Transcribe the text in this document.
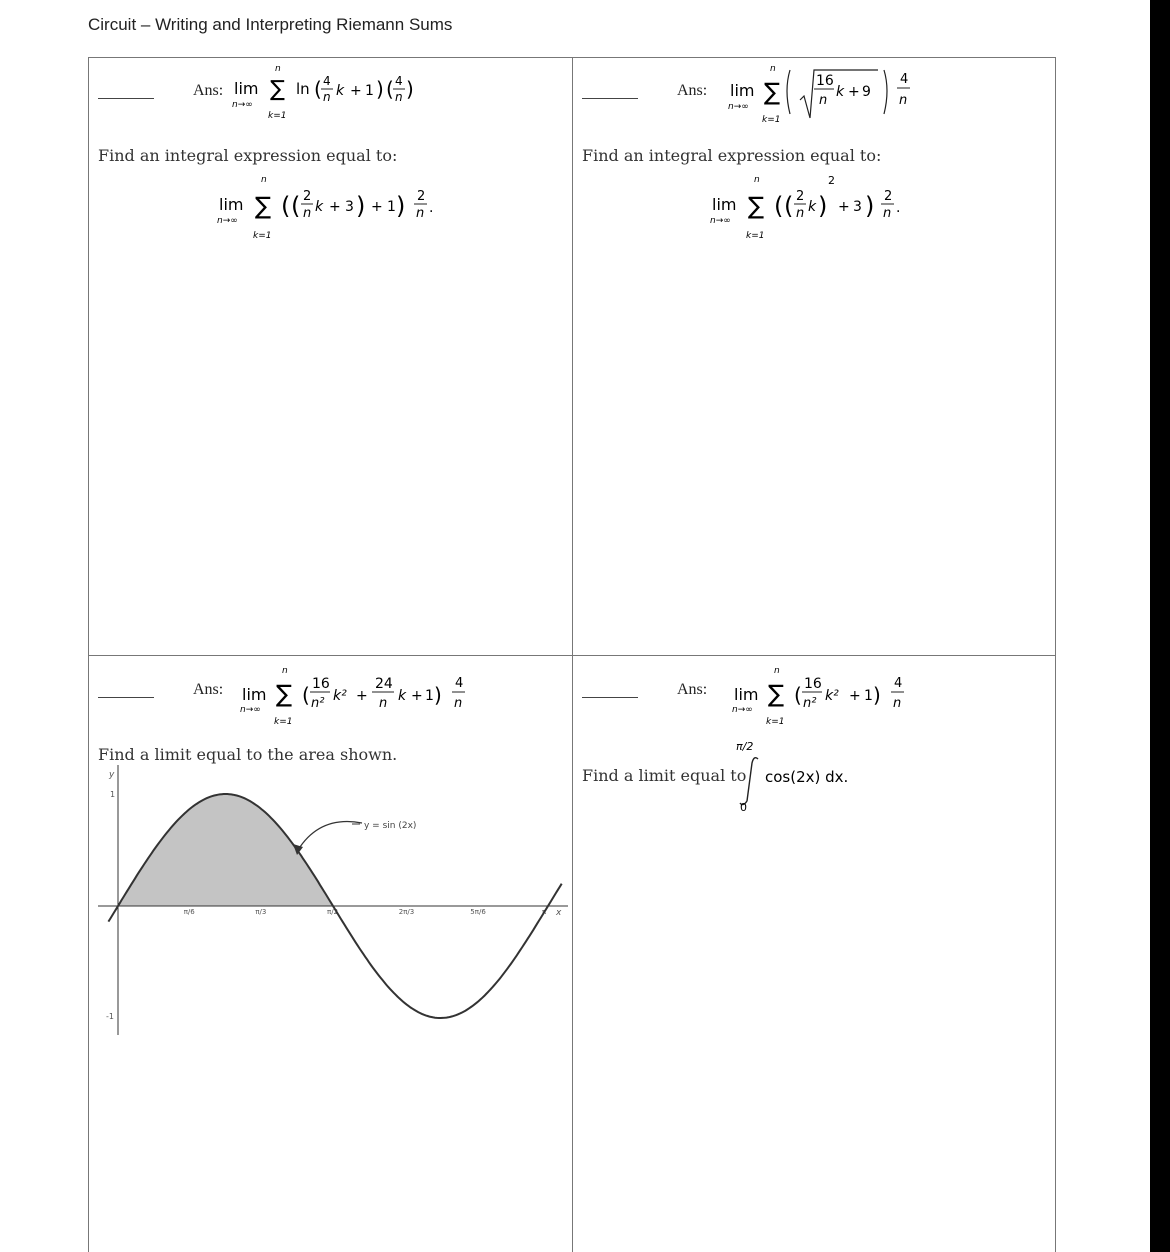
Circuit – Writing and Interpreting Riemann Sums
Ans: lim
n→∞
∑
n
k=1
ln ( 4
n k + 1 ) ( 4
n )
Find an integral expression equal to:
lim
n→∞
∑
n
k=1
( ( 2
n k + 3 ) + 1 ) 2
n .
Ans: lim
n→∞
∑
n
k=1
16
n
k + 9
4
n
Find an integral expression equal to:
lim
n→∞
∑
n
k=1
( ( 2
n k )
2
+ 3 ) 2
n .
Ans: lim
n→∞
∑
n
k=1
( 16
n² k² +
24
n k + 1 ) 4
n
Find a limit equal to the area shown.
y
x
1
-1
π/6	π/3	π/2	2π/3	5π/6	π
y = sin (2x)
Ans: lim
n→∞
∑
n
k=1
( 16
n² k² + 1 ) 4
n
Find a limit equal to
π/2
0
cos(2x) dx.
